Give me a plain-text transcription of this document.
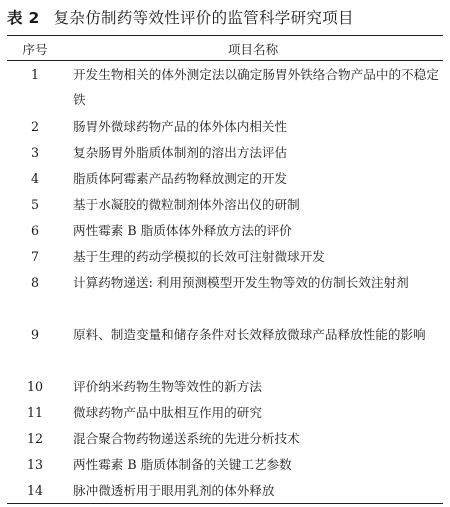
表 2 复杂仿制药等效性评价的监管科学研究项目
序号	项目名称
1	开发生物相关的体外测定法以确定肠胃外铁络合物产品中的不稳定铁
2	肠胃外微球药物产品的体外体内相关性
3	复杂肠胃外脂质体制剂的溶出方法评估
4	脂质体阿霉素产品药物释放测定的开发
5	基于水凝胶的微粒制剂体外溶出仪的研制
6	两性霉素 B 脂质体体外释放方法的评价
7	基于生理的药动学模拟的长效可注射微球开发
8	计算药物递送: 利用预测模型开发生物等效的仿制长效注射剂
9	原料、制造变量和储存条件对长效释放微球产品释放性能的影响
10	评价纳米药物生物等效性的新方法
11	微球药物产品中肽相互作用的研究
12	混合聚合物药物递送系统的先进分析技术
13	两性霉素 B 脂质体制备的关键工艺参数
14	脉冲微透析用于眼用乳剂的体外释放
